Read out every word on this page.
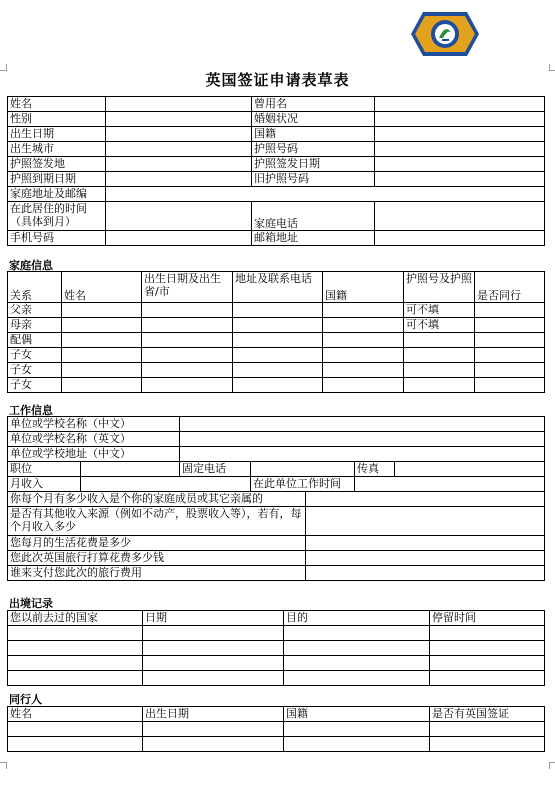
英国签证申请表草表
姓名		曾用名	
性别		婚姻状况	
出生日期		国籍	
出生城市		护照号码	
护照签发地		护照签发日期	
护照到期日期		旧护照号码	
家庭地址及邮编			
在此居住的时间（具体到月）		家庭电话	
手机号码		邮箱地址	
家庭信息
关系	姓名	出生日期及出生省/市	地址及联系电话	国籍	护照号及护照	是否同行
父亲					可不填	
母亲					可不填	
配偶						
子女						
子女						
子女						
工作信息
单位或学校名称（中文）						
单位或学校名称（英文）						
单位或学校地址（中文）						
职位		固定电话			传真	
月收入			在此单位工作时间			
你每个月有多少收入是个你的家庭成员或其它亲属的						
是否有其他收入来源（例如不动产，股票收入等），若有，每个月收入多少						
您每月的生活花费是多少						
您此次英国旅行打算花费多少钱						
谁来支付您此次的旅行费用						
出境记录
您以前去过的国家	日期	目的	停留时间

同行人
姓名	出生日期	国籍	是否有英国签证
